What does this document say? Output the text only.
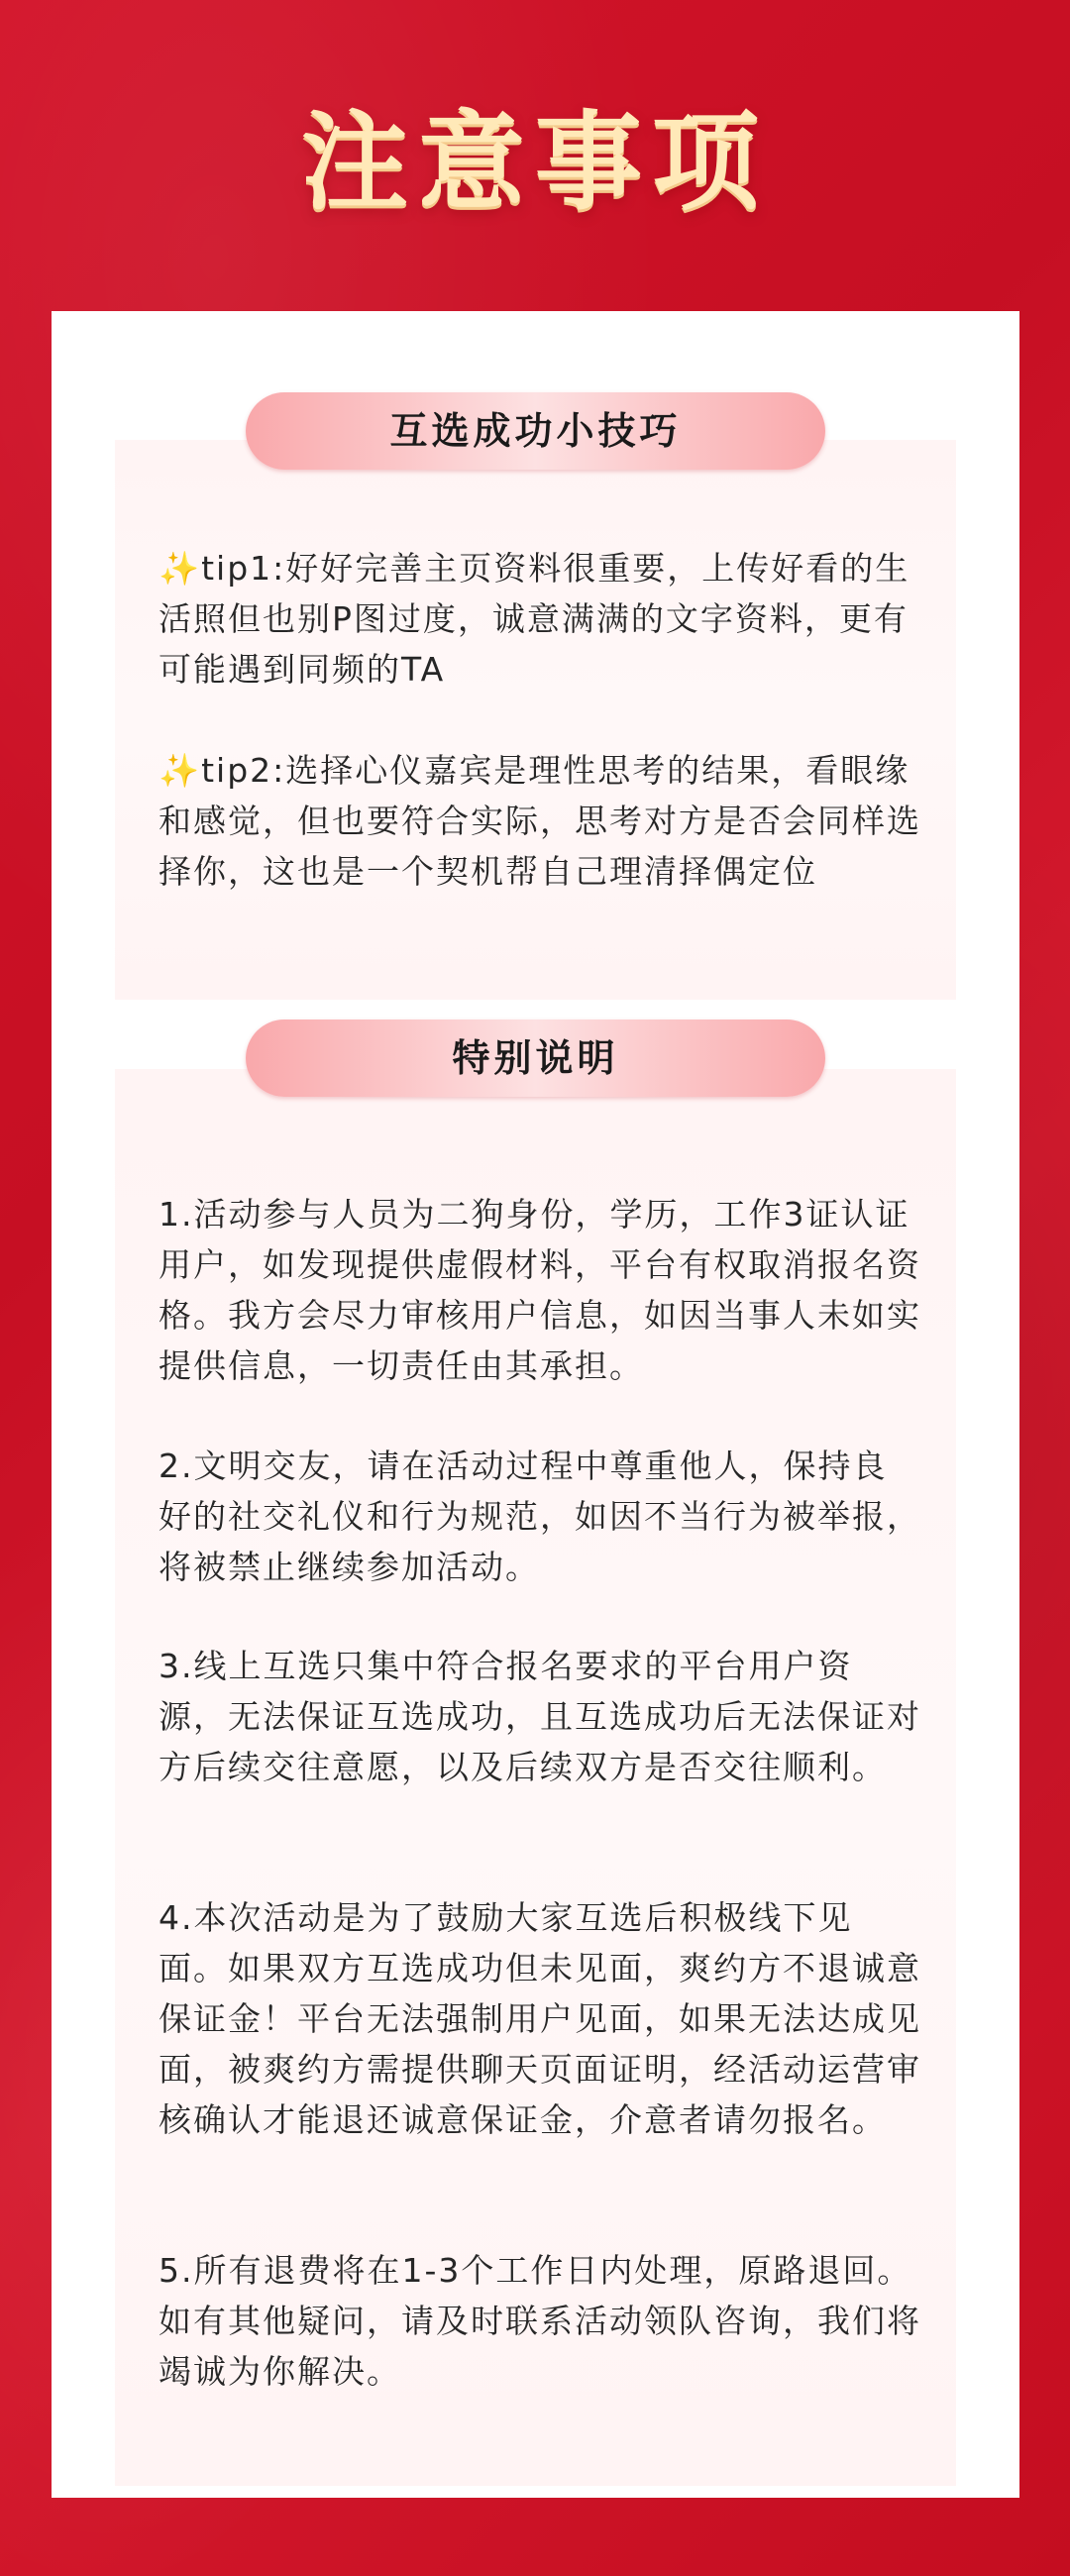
注意事项
互选成功小技巧

✨tip1:好好完善主页资料很重要，上传好看的生活照但也别P图过度，诚意满满的文字资料，更有可能遇到同频的TA

✨tip2:选择心仪嘉宾是理性思考的结果，看眼缘和感觉，但也要符合实际，思考对方是否会同样选择你，这也是一个契机帮自己理清择偶定位

特别说明

1.活动参与人员为二狗身份，学历，工作3证认证用户，如发现提供虚假材料，平台有权取消报名资格。我方会尽力审核用户信息，如因当事人未如实提供信息，一切责任由其承担。

2.文明交友，请在活动过程中尊重他人，保持良好的社交礼仪和行为规范，如因不当行为被举报，将被禁止继续参加活动。

3.线上互选只集中符合报名要求的平台用户资源，无法保证互选成功，且互选成功后无法保证对方后续交往意愿，以及后续双方是否交往顺利。

4.本次活动是为了鼓励大家互选后积极线下见面。如果双方互选成功但未见面，爽约方不退诚意保证金！平台无法强制用户见面，如果无法达成见面，被爽约方需提供聊天页面证明，经活动运营审核确认才能退还诚意保证金，介意者请勿报名。

5.所有退费将在1-3个工作日内处理，原路退回。如有其他疑问，请及时联系活动领队咨询，我们将竭诚为你解决。
